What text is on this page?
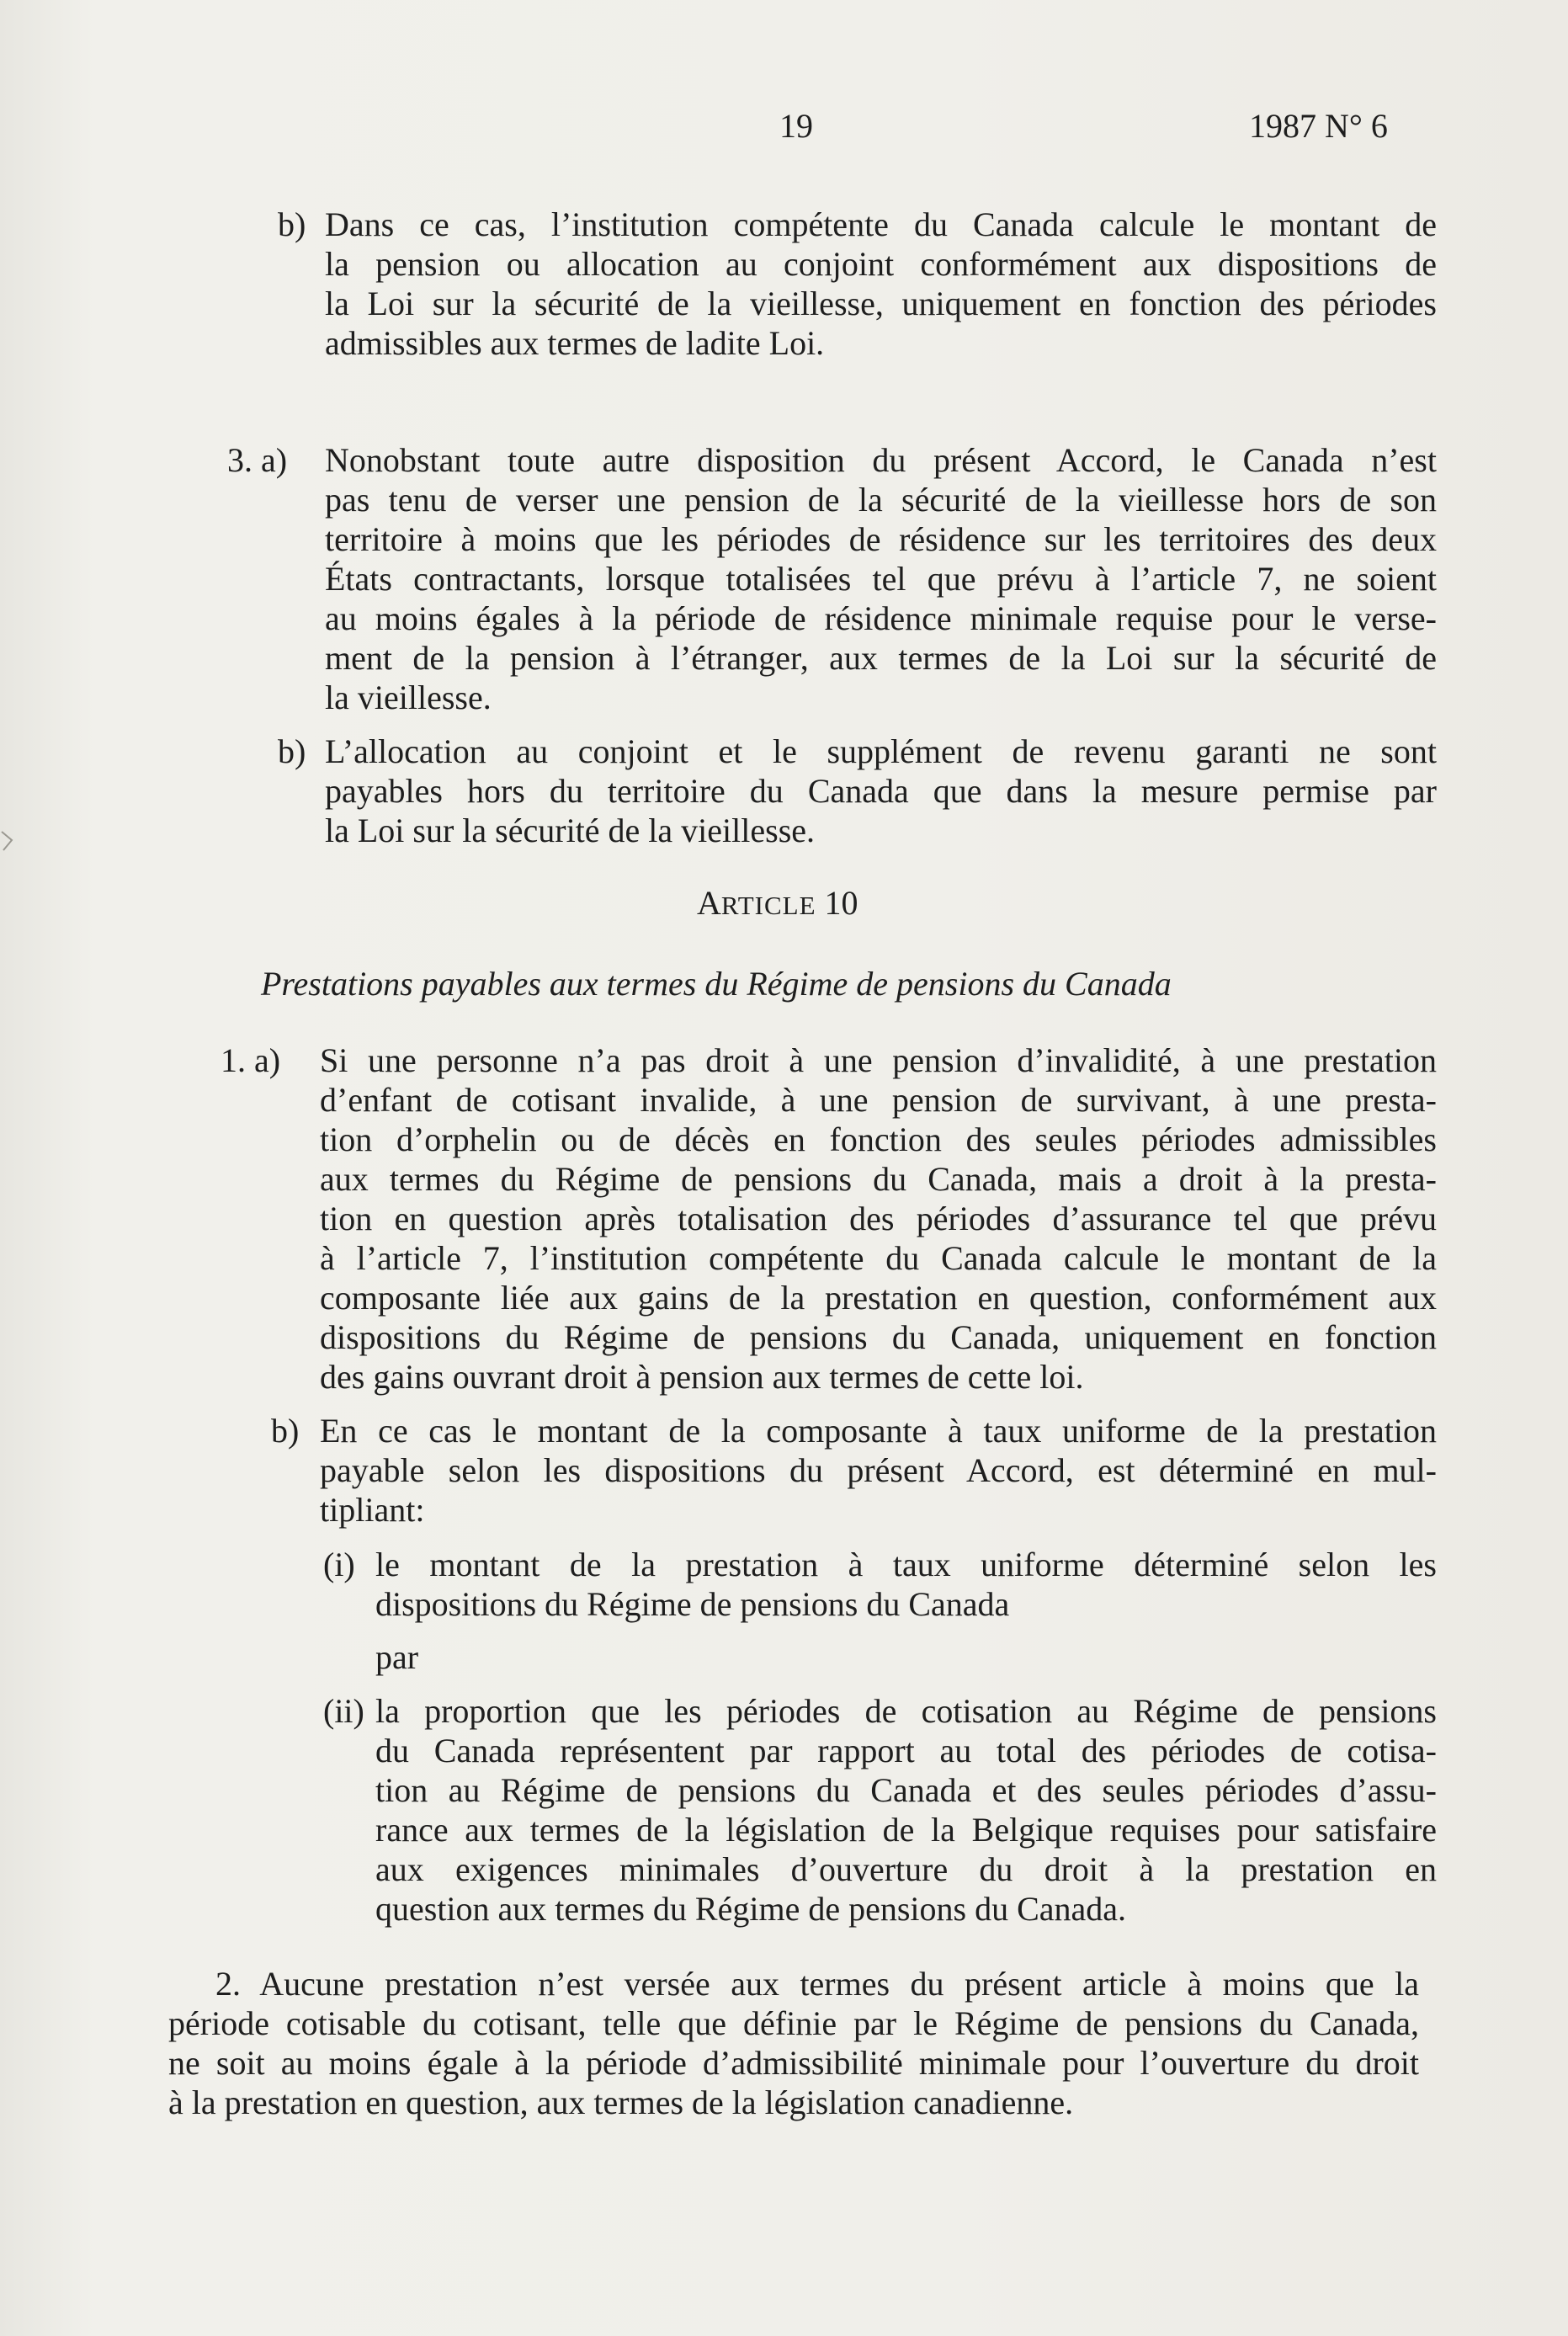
19	1987 N° 6
b) Dans ce cas, l’institution compétente du Canada calcule le montant de
la pension ou allocation au conjoint conformément aux dispositions de
la Loi sur la sécurité de la vieillesse, uniquement en fonction des périodes
admissibles aux termes de ladite Loi.
3. a) Nonobstant toute autre disposition du présent Accord, le Canada n’est
pas tenu de verser une pension de la sécurité de la vieillesse hors de son
territoire à moins que les périodes de résidence sur les territoires des deux
États contractants, lorsque totalisées tel que prévu à l’article 7, ne soient
au moins égales à la période de résidence minimale requise pour le verse-
ment de la pension à l’étranger, aux termes de la Loi sur la sécurité de
la vieillesse.
b) L’allocation au conjoint et le supplément de revenu garanti ne sont
payables hors du territoire du Canada que dans la mesure permise par
la Loi sur la sécurité de la vieillesse.
ARTICLE 10
Prestations payables aux termes du Régime de pensions du Canada
1. a) Si une personne n’a pas droit à une pension d’invalidité, à une prestation
d’enfant de cotisant invalide, à une pension de survivant, à une presta-
tion d’orphelin ou de décès en fonction des seules périodes admissibles
aux termes du Régime de pensions du Canada, mais a droit à la presta-
tion en question après totalisation des périodes d’assurance tel que prévu
à l’article 7, l’institution compétente du Canada calcule le montant de la
composante liée aux gains de la prestation en question, conformément aux
dispositions du Régime de pensions du Canada, uniquement en fonction
des gains ouvrant droit à pension aux termes de cette loi.
b) En ce cas le montant de la composante à taux uniforme de la prestation
payable selon les dispositions du présent Accord, est déterminé en mul-
tipliant:
(i) le montant de la prestation à taux uniforme déterminé selon les
dispositions du Régime de pensions du Canada
par
(ii) la proportion que les périodes de cotisation au Régime de pensions
du Canada représentent par rapport au total des périodes de cotisa-
tion au Régime de pensions du Canada et des seules périodes d’assu-
rance aux termes de la législation de la Belgique requises pour satisfaire
aux exigences minimales d’ouverture du droit à la prestation en
question aux termes du Régime de pensions du Canada.
2. Aucune prestation n’est versée aux termes du présent article à moins que la
période cotisable du cotisant, telle que définie par le Régime de pensions du Canada,
ne soit au moins égale à la période d’admissibilité minimale pour l’ouverture du droit
à la prestation en question, aux termes de la législation canadienne.
